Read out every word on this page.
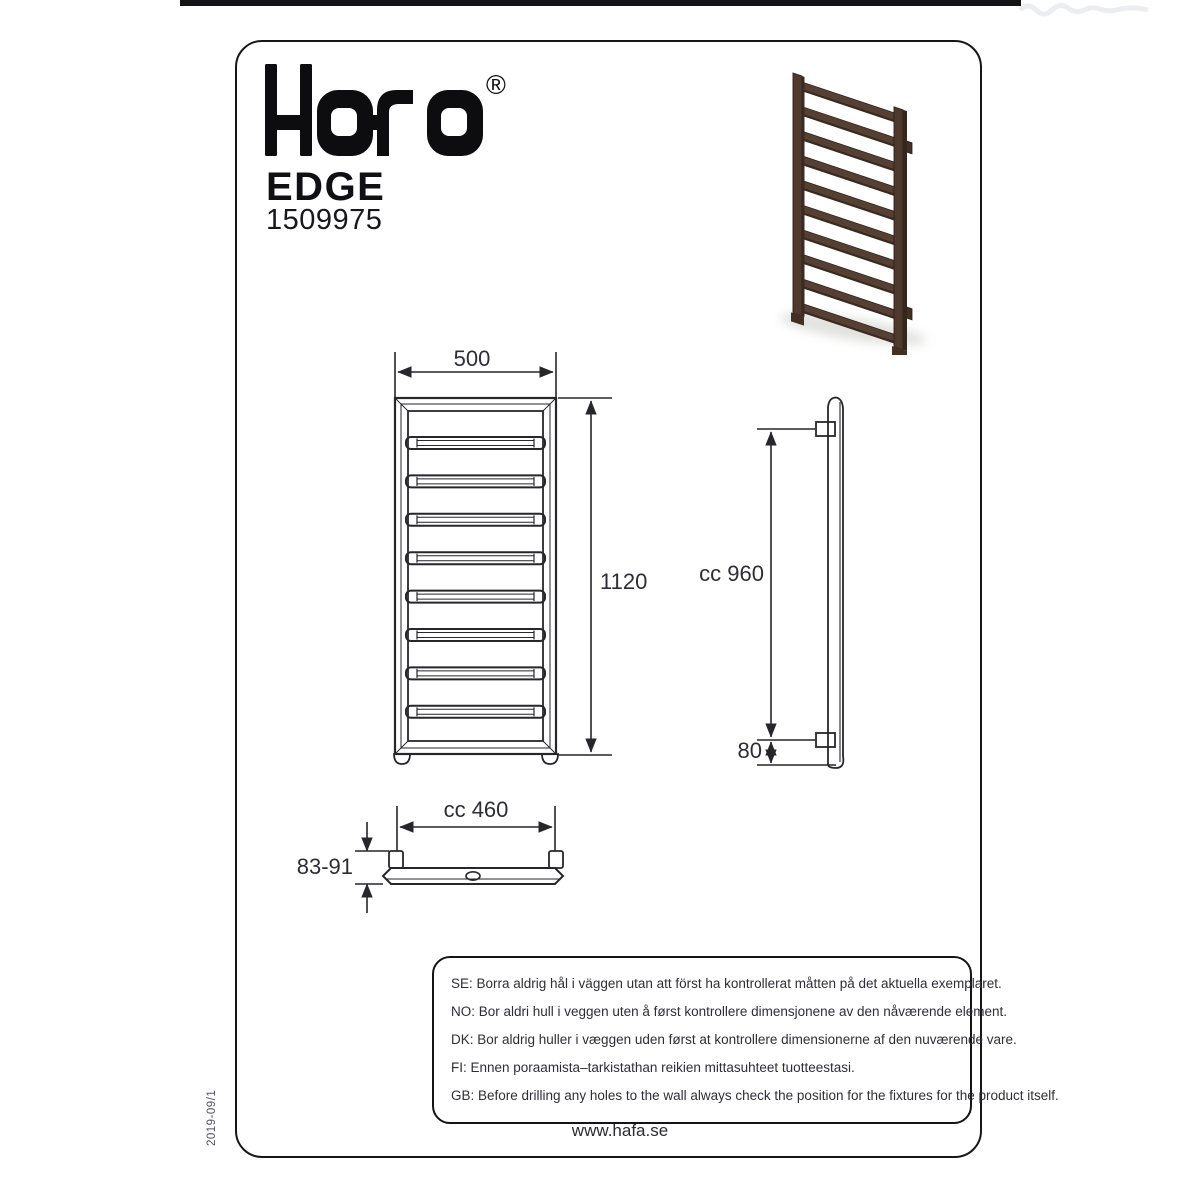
®
EDGE
1509975
500
1120 cc 960
80
cc 460
83-91
SE: Borra aldrig hål i väggen utan att först ha kontrollerat måtten på det aktuella exemplaret.
NO: Bor aldri hull i veggen uten å først kontrollere dimensjonene av den nåværende element.
DK: Bor aldrig huller i væggen uden først at kontrollere dimensionerne af den nuværende vare.
FI: Ennen poraamista–tarkistathan reikien mittasuhteet tuotteestasi.
GB: Before drilling any holes to the wall always check the position for the fixtures for the product itself.
www.hafa.se
2019-09/1
